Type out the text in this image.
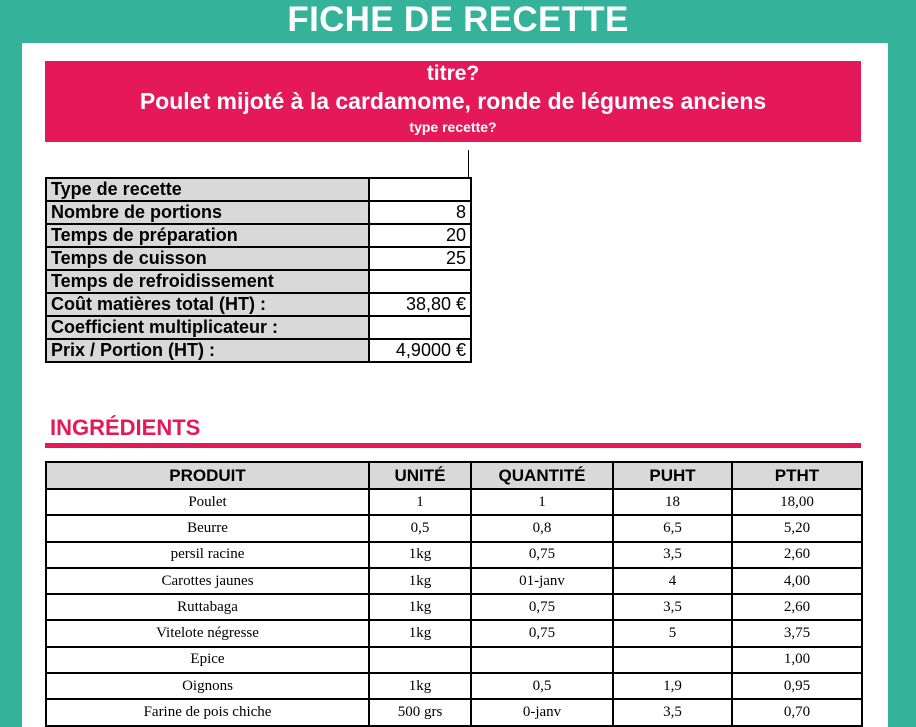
FICHE DE RECETTE
titre?
Poulet mijoté à la cardamome, ronde de légumes anciens
type recette?
Type de recette	
Nombre de portions	8
Temps de préparation	20
Temps de cuisson	25
Temps de refroidissement	
Coût matières total (HT) :	38,80 €
Coefficient multiplicateur :	
Prix / Portion (HT) :	4,9000 €
INGRÉDIENTS
PRODUIT	UNITÉ	QUANTITÉ	PUHT	PTHT
Poulet	1	1	18	18,00
Beurre	0,5	0,8	6,5	5,20
persil racine	1kg	0,75	3,5	2,60
Carottes jaunes	1kg	01-janv	4	4,00
Ruttabaga	1kg	0,75	3,5	2,60
Vitelote négresse	1kg	0,75	5	3,75
Epice				1,00
Oignons	1kg	0,5	1,9	0,95
Farine de pois chiche	500 grs	0-janv	3,5	0,70
